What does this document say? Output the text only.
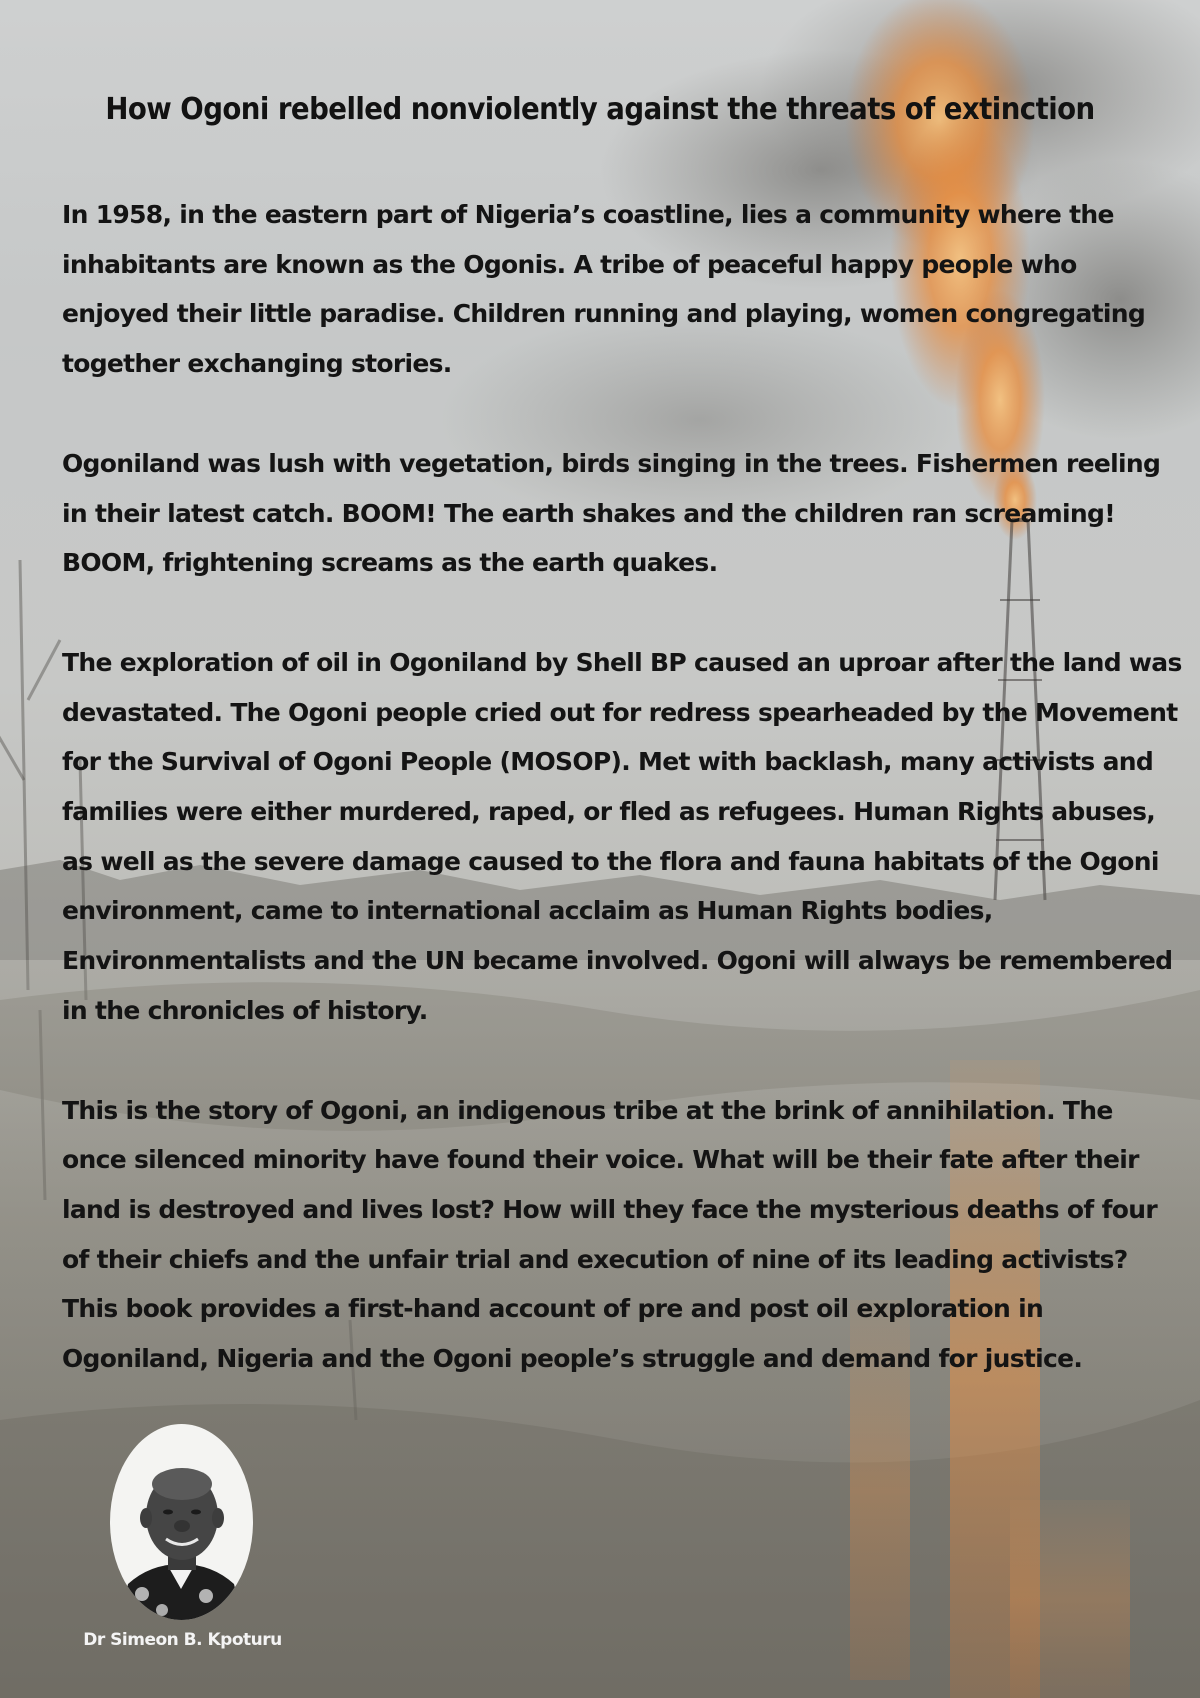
How Ogoni rebelled nonviolently against the threats of extinction

In 1958, in the eastern part of Nigeria’s coastline, lies a community where the inhabitants are known as the Ogonis. A tribe of peaceful happy people who enjoyed their little paradise. Children running and playing, women congregating together exchanging stories.

Ogoniland was lush with vegetation, birds singing in the trees. Fishermen reeling in their latest catch. BOOM! The earth shakes and the children ran screaming! BOOM, frightening screams as the earth quakes.

The exploration of oil in Ogoniland by Shell BP caused an uproar after the land was devastated. The Ogoni people cried out for redress spearheaded by the Movement for the Survival of Ogoni People (MOSOP). Met with backlash, many activists and families were either murdered, raped, or fled as refugees. Human Rights abuses, as well as the severe damage caused to the flora and fauna habitats of the Ogoni environment, came to international acclaim as Human Rights bodies, Environmentalists and the UN became involved. Ogoni will always be remembered in the chronicles of history.

This is the story of Ogoni, an indigenous tribe at the brink of annihilation. The once silenced minority have found their voice. What will be their fate after their land is destroyed and lives lost? How will they face the mysterious deaths of four of their chiefs and the unfair trial and execution of nine of its leading activists? This book provides a first-hand account of pre and post oil exploration in Ogoniland, Nigeria and the Ogoni people’s struggle and demand for justice.

Dr Simeon B. Kpoturu
